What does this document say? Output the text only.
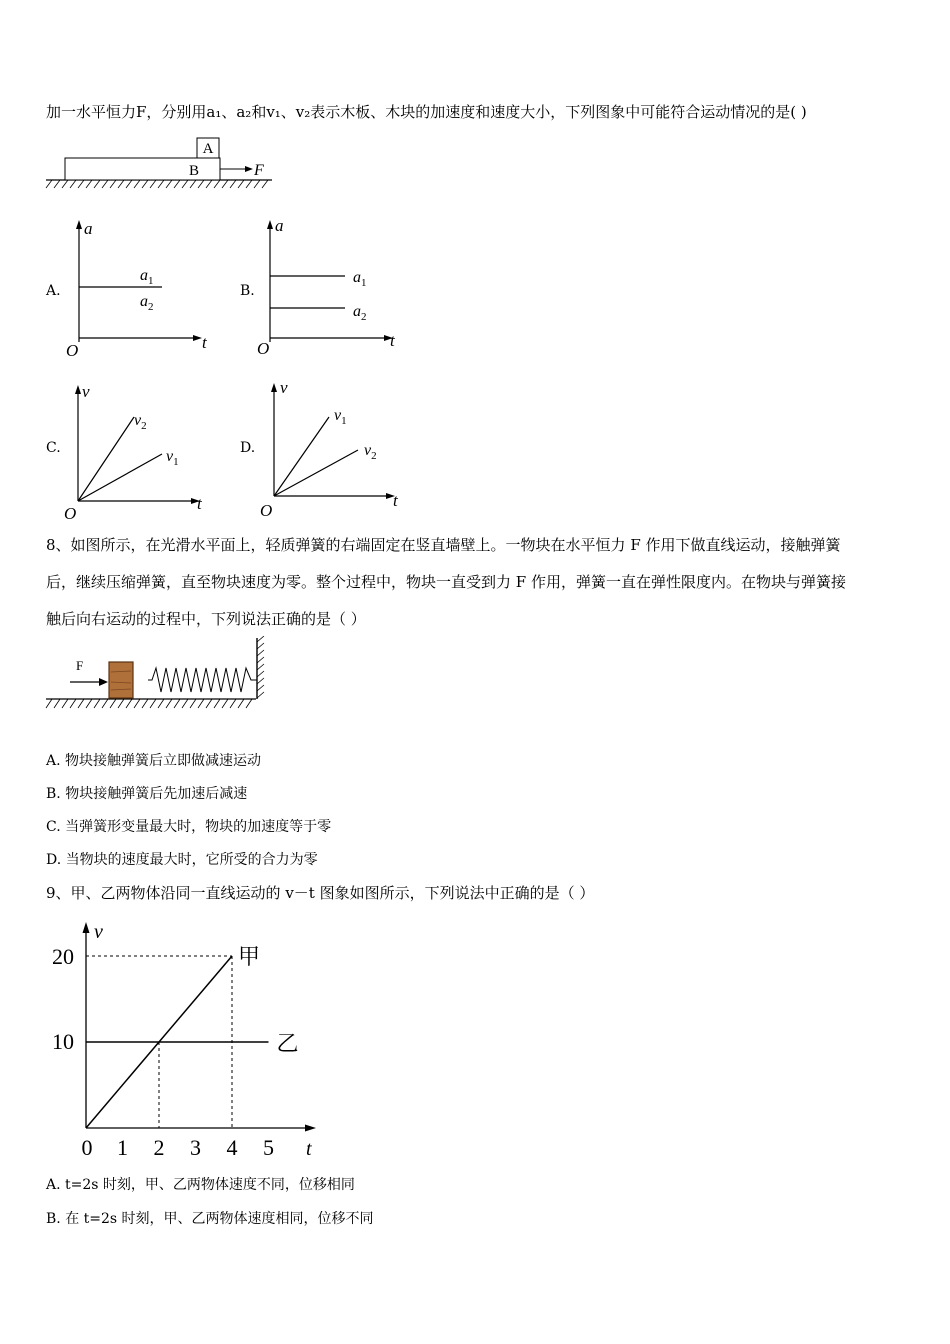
加一水平恒力F，分别用a₁、a₂和v₁、v₂表示木板、木块的加速度和速度大小，下列图象中可能符合运动情况的是( )
A
B	F
A.
a
t
O
$a_1$
$a_2$
B.
a
t
O
$a_1$
$a_2$
C.
v
t
O
$v_2$
$v_1$
D.
v
t
O
$v_1$
$v_2$
8、如图所示，在光滑水平面上，轻质弹簧的右端固定在竖直墙壁上。一物块在水平恒力 F 作用下做直线运动，接触弹簧
后，继续压缩弹簧，直至物块速度为零。整个过程中，物块一直受到力 F 作用，弹簧一直在弹性限度内。在物块与弹簧接
触后向右运动的过程中，下列说法正确的是（ ）
F
A. 物块接触弹簧后立即做减速运动
B. 物块接触弹簧后先加速后减速
C. 当弹簧形变量最大时，物块的加速度等于零
D. 当物块的速度最大时，它所受的合力为零
9、甲、乙两物体沿同一直线运动的 v－t 图象如图所示，下列说法中正确的是（ ）
v
t
10
20
0 1 2 3 4 5
甲
乙
A. t=2s 时刻，甲、乙两物体速度不同，位移相同
B. 在 t=2s 时刻，甲、乙两物体速度相同，位移不同
